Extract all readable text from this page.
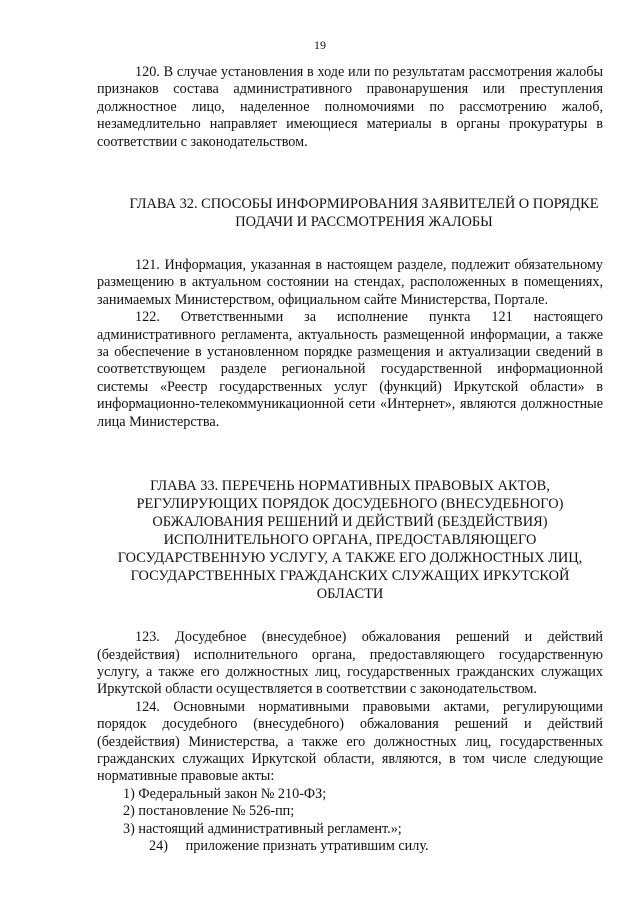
19

120. В случае установления в ходе или по результатам рассмотрения жалобы признаков состава административного правонарушения или преступления должностное лицо, наделенное полномочиями по рассмотрению жалоб, незамедлительно направляет имеющиеся материалы в органы прокуратуры в соответствии с законодательством.

ГЛАВА 32. СПОСОБЫ ИНФОРМИРОВАНИЯ ЗАЯВИТЕЛЕЙ О ПОРЯДКЕ ПОДАЧИ И РАССМОТРЕНИЯ ЖАЛОБЫ

121. Информация, указанная в настоящем разделе, подлежит обязательному размещению в актуальном состоянии на стендах, расположенных в помещениях, занимаемых Министерством, официальном сайте Министерства, Портале.

122. Ответственными за исполнение пункта 121 настоящего административного регламента, актуальность размещенной информации, а также за обеспечение в установленном порядке размещения и актуализации сведений в соответствующем разделе региональной государственной информационной системы «Реестр государственных услуг (функций) Иркутской области» в информационно-телекоммуникационной сети «Интернет», являются должностные лица Министерства.

ГЛАВА 33. ПЕРЕЧЕНЬ НОРМАТИВНЫХ ПРАВОВЫХ АКТОВ, РЕГУЛИРУЮЩИХ ПОРЯДОК ДОСУДЕБНОГО (ВНЕСУДЕБНОГО) ОБЖАЛОВАНИЯ РЕШЕНИЙ И ДЕЙСТВИЙ (БЕЗДЕЙСТВИЯ) ИСПОЛНИТЕЛЬНОГО ОРГАНА, ПРЕДОСТАВЛЯЮЩЕГО ГОСУДАРСТВЕННУЮ УСЛУГУ, А ТАКЖЕ ЕГО ДОЛЖНОСТНЫХ ЛИЦ, ГОСУДАРСТВЕННЫХ ГРАЖДАНСКИХ СЛУЖАЩИХ ИРКУТСКОЙ ОБЛАСТИ

123. Досудебное (внесудебное) обжалования решений и действий (бездействия) исполнительного органа, предоставляющего государственную услугу, а также его должностных лиц, государственных гражданских служащих Иркутской области осуществляется в соответствии с законодательством.

124. Основными нормативными правовыми актами, регулирующими порядок досудебного (внесудебного) обжалования решений и действий (бездействия) Министерства, а также его должностных лиц, государственных гражданских служащих Иркутской области, являются, в том числе следующие нормативные правовые акты:

1) Федеральный закон № 210-ФЗ;

2) постановление № 526-пп;

3) настоящий административный регламент.»;

24) приложение признать утратившим силу.
